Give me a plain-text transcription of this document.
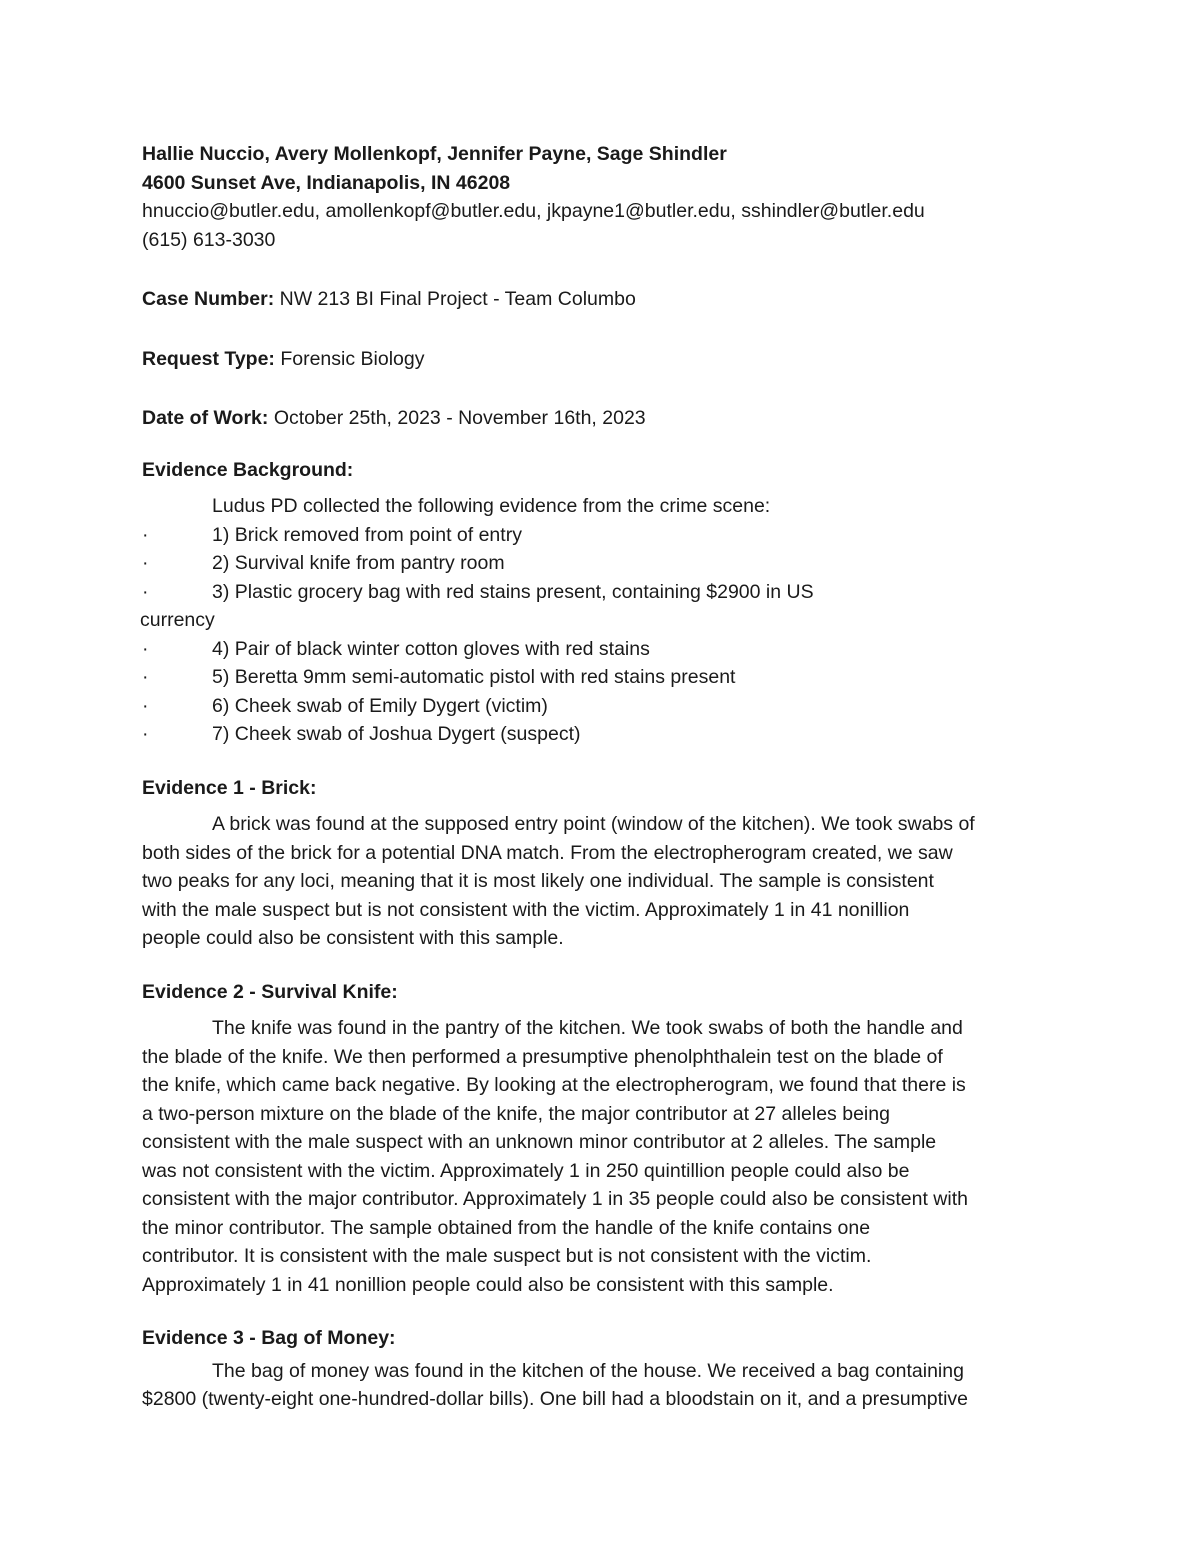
Hallie Nuccio, Avery Mollenkopf, Jennifer Payne, Sage Shindler
4600 Sunset Ave, Indianapolis, IN 46208
hnuccio@butler.edu, amollenkopf@butler.edu, jkpayne1@butler.edu, sshindler@butler.edu
(615) 613-3030
Case Number: NW 213 BI Final Project - Team Columbo
Request Type: Forensic Biology
Date of Work: October 25th, 2023 - November 16th, 2023
Evidence Background:
Ludus PD collected the following evidence from the crime scene:
·	1) Brick removed from point of entry
·	2) Survival knife from pantry room
·	3) Plastic grocery bag with red stains present, containing $2900 in US
currency
·	4) Pair of black winter cotton gloves with red stains
·	5) Beretta 9mm semi-automatic pistol with red stains present
·	6) Cheek swab of Emily Dygert (victim)
·	7) Cheek swab of Joshua Dygert (suspect)
Evidence 1 - Brick:
A brick was found at the supposed entry point (window of the kitchen). We took swabs of
both sides of the brick for a potential DNA match. From the electropherogram created, we saw
two peaks for any loci, meaning that it is most likely one individual. The sample is consistent
with the male suspect but is not consistent with the victim. Approximately 1 in 41 nonillion
people could also be consistent with this sample.
Evidence 2 - Survival Knife:
The knife was found in the pantry of the kitchen. We took swabs of both the handle and
the blade of the knife. We then performed a presumptive phenolphthalein test on the blade of
the knife, which came back negative. By looking at the electropherogram, we found that there is
a two-person mixture on the blade of the knife, the major contributor at 27 alleles being
consistent with the male suspect with an unknown minor contributor at 2 alleles. The sample
was not consistent with the victim. Approximately 1 in 250 quintillion people could also be
consistent with the major contributor. Approximately 1 in 35 people could also be consistent with
the minor contributor. The sample obtained from the handle of the knife contains one
contributor. It is consistent with the male suspect but is not consistent with the victim.
Approximately 1 in 41 nonillion people could also be consistent with this sample.
Evidence 3 - Bag of Money:
The bag of money was found in the kitchen of the house. We received a bag containing
$2800 (twenty-eight one-hundred-dollar bills). One bill had a bloodstain on it, and a presumptive
